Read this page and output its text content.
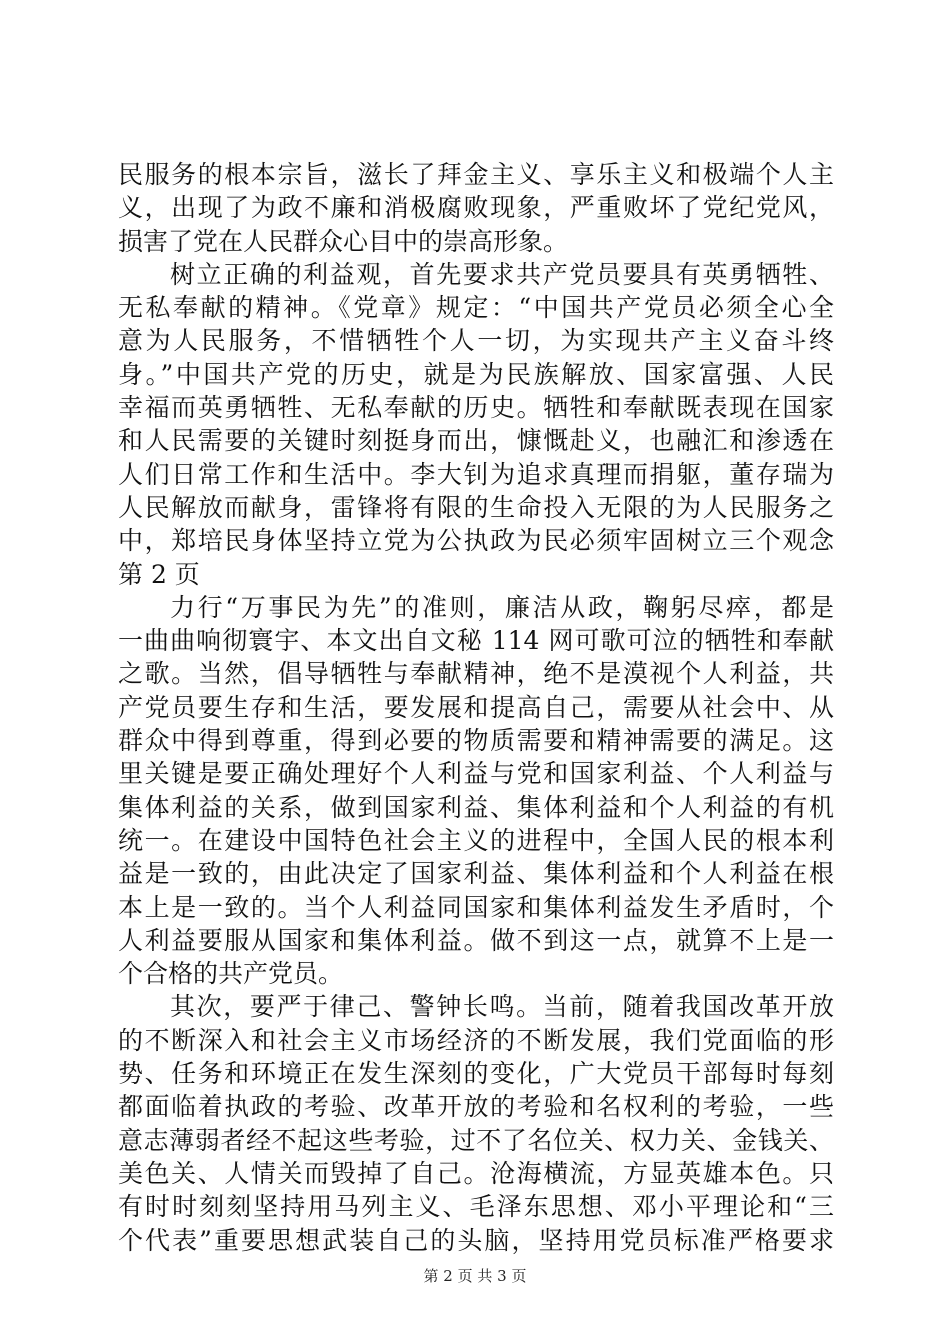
民服务的根本宗旨，滋长了拜金主义、享乐主义和极端个人主
义，出现了为政不廉和消极腐败现象，严重败坏了党纪党风，
损害了党在人民群众心目中的崇高形象。
树立正确的利益观，首先要求共产党员要具有英勇牺牲、
无私奉献的精神。《党章》规定：“中国共产党员必须全心全
意为人民服务，不惜牺牲个人一切，为实现共产主义奋斗终
身。”中国共产党的历史，就是为民族解放、国家富强、人民
幸福而英勇牺牲、无私奉献的历史。牺牲和奉献既表现在国家
和人民需要的关键时刻挺身而出，慷慨赴义，也融汇和渗透在
人们日常工作和生活中。李大钊为追求真理而捐躯，董存瑞为
人民解放而献身，雷锋将有限的生命投入无限的为人民服务之
中，郑培民身体坚持立党为公执政为民必须牢固树立三个观念
第 2 页
力行“万事民为先”的准则，廉洁从政，鞠躬尽瘁，都是
一曲曲响彻寰宇、本文出自文秘 114 网可歌可泣的牺牲和奉献
之歌。当然，倡导牺牲与奉献精神，绝不是漠视个人利益，共
产党员要生存和生活，要发展和提高自己，需要从社会中、从
群众中得到尊重，得到必要的物质需要和精神需要的满足。这
里关键是要正确处理好个人利益与党和国家利益、个人利益与
集体利益的关系，做到国家利益、集体利益和个人利益的有机
统一。在建设中国特色社会主义的进程中，全国人民的根本利
益是一致的，由此决定了国家利益、集体利益和个人利益在根
本上是一致的。当个人利益同国家和集体利益发生矛盾时，个
人利益要服从国家和集体利益。做不到这一点，就算不上是一
个合格的共产党员。
其次，要严于律己、警钟长鸣。当前，随着我国改革开放
的不断深入和社会主义市场经济的不断发展，我们党面临的形
势、任务和环境正在发生深刻的变化，广大党员干部每时每刻
都面临着执政的考验、改革开放的考验和名权利的考验，一些
意志薄弱者经不起这些考验，过不了名位关、权力关、金钱关、
美色关、人情关而毁掉了自己。沧海横流，方显英雄本色。只
有时时刻刻坚持用马列主义、毛泽东思想、邓小平理论和“三
个代表”重要思想武装自己的头脑，坚持用党员标准严格要求
第 2 页 共 3 页
